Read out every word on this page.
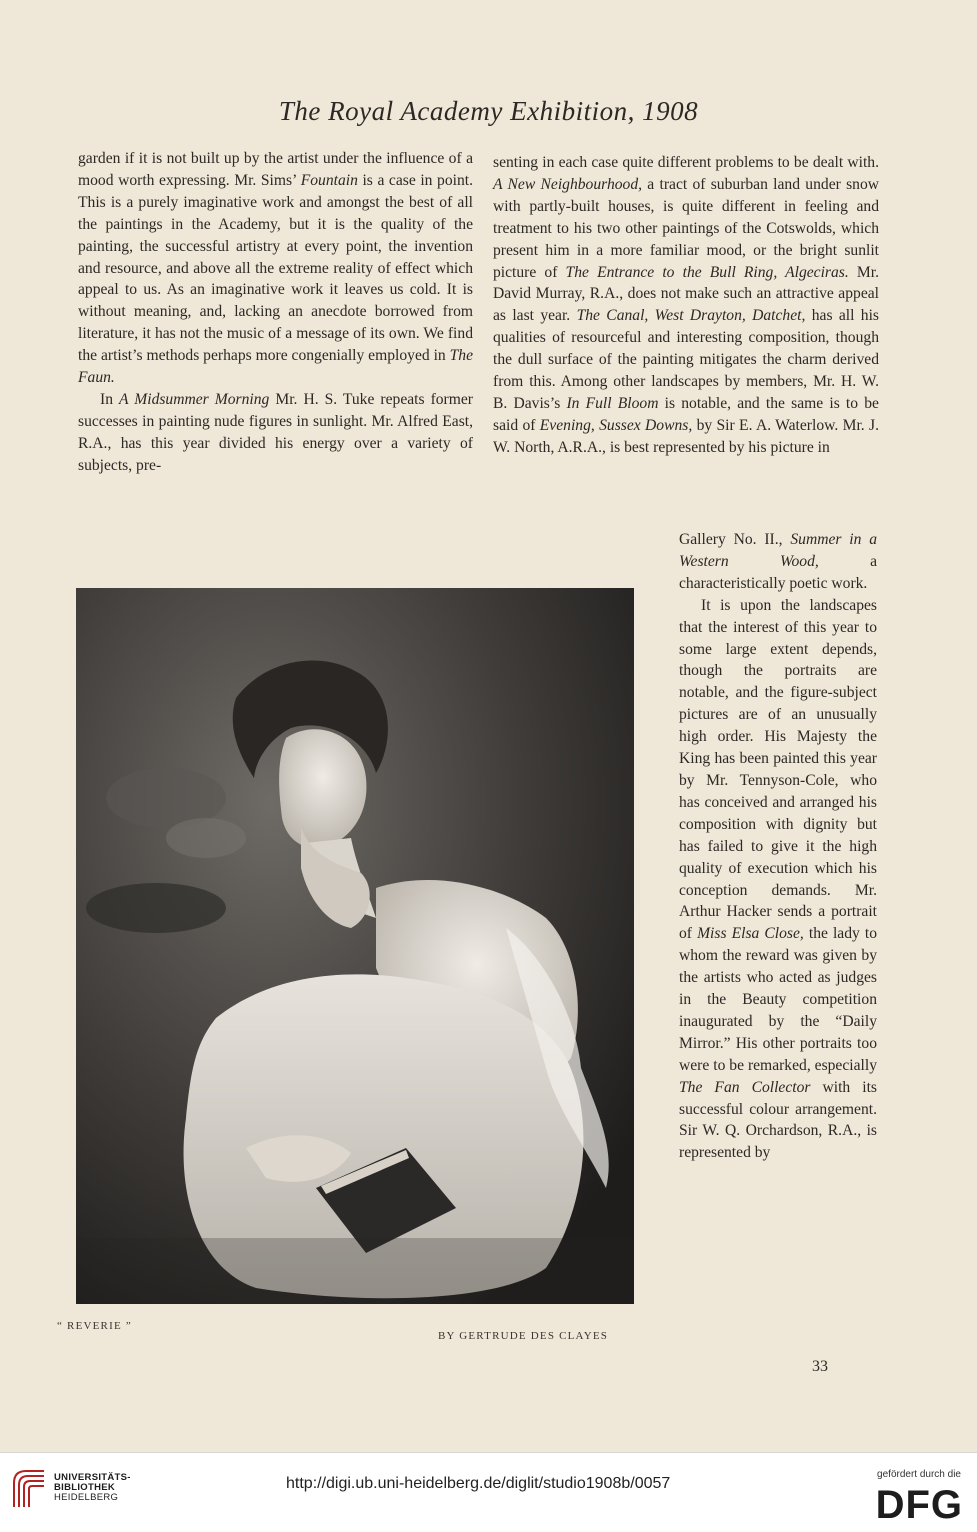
The Royal Academy Exhibition, 1908

garden if it is not built up by the artist under the influence of a mood worth expressing. Mr. Sims’ Fountain is a case in point. This is a purely imaginative work and amongst the best of all the paintings in the Academy, but it is the quality of the painting, the successful artistry at every point, the invention and resource, and above all the extreme reality of effect which appeal to us. As an imaginative work it leaves us cold. It is without meaning, and, lacking an anecdote borrowed from literature, it has not the music of a message of its own. We find the artist’s methods perhaps more congenially employed in The Faun.

In A Midsummer Morning Mr. H. S. Tuke repeats former successes in painting nude figures in sunlight. Mr. Alfred East, R.A., has this year divided his energy over a variety of subjects, pre-

senting in each case quite different problems to be dealt with. A New Neighbourhood, a tract of suburban land under snow with partly-built houses, is quite different in feeling and treatment to his two other paintings of the Cotswolds, which present him in a more familiar mood, or the bright sunlit picture of The Entrance to the Bull Ring, Algeciras. Mr. David Murray, R.A., does not make such an attractive appeal as last year. The Canal, West Drayton, Datchet, has all his qualities of resourceful and interesting composition, though the dull surface of the painting mitigates the charm derived from this. Among other landscapes by members, Mr. H. W. B. Davis’s In Full Bloom is notable, and the same is to be said of Evening, Sussex Downs, by Sir E. A. Waterlow. Mr. J. W. North, A.R.A., is best represented by his picture in

Gallery No. II., Summer in a Western Wood, a characteristically poetic work.

It is upon the landscapes that the interest of this year to some large extent depends, though the portraits are notable, and the figure-subject pictures are of an unusually high order. His Majesty the King has been painted this year by Mr. Tennyson-Cole, who has conceived and arranged his composition with dignity but has failed to give it the high quality of execution which his conception demands. Mr. Arthur Hacker sends a portrait of Miss Elsa Close, the lady to whom the reward was given by the artists who acted as judges in the Beauty competition inaugurated by the “Daily Mirror.” His other portraits too were to be remarked, especially The Fan Collector with its successful colour arrangement. Sir W. Q. Orchardson, R.A., is represented by

“ REVERIE ”
BY GERTRUDE DES CLAYES
33
UNIVERSITÄTS-
BIBLIOTHEK
HEIDELBERG
http://digi.ub.uni-heidelberg.de/diglit/studio1908b/0057
gefördert durch die
DFG
